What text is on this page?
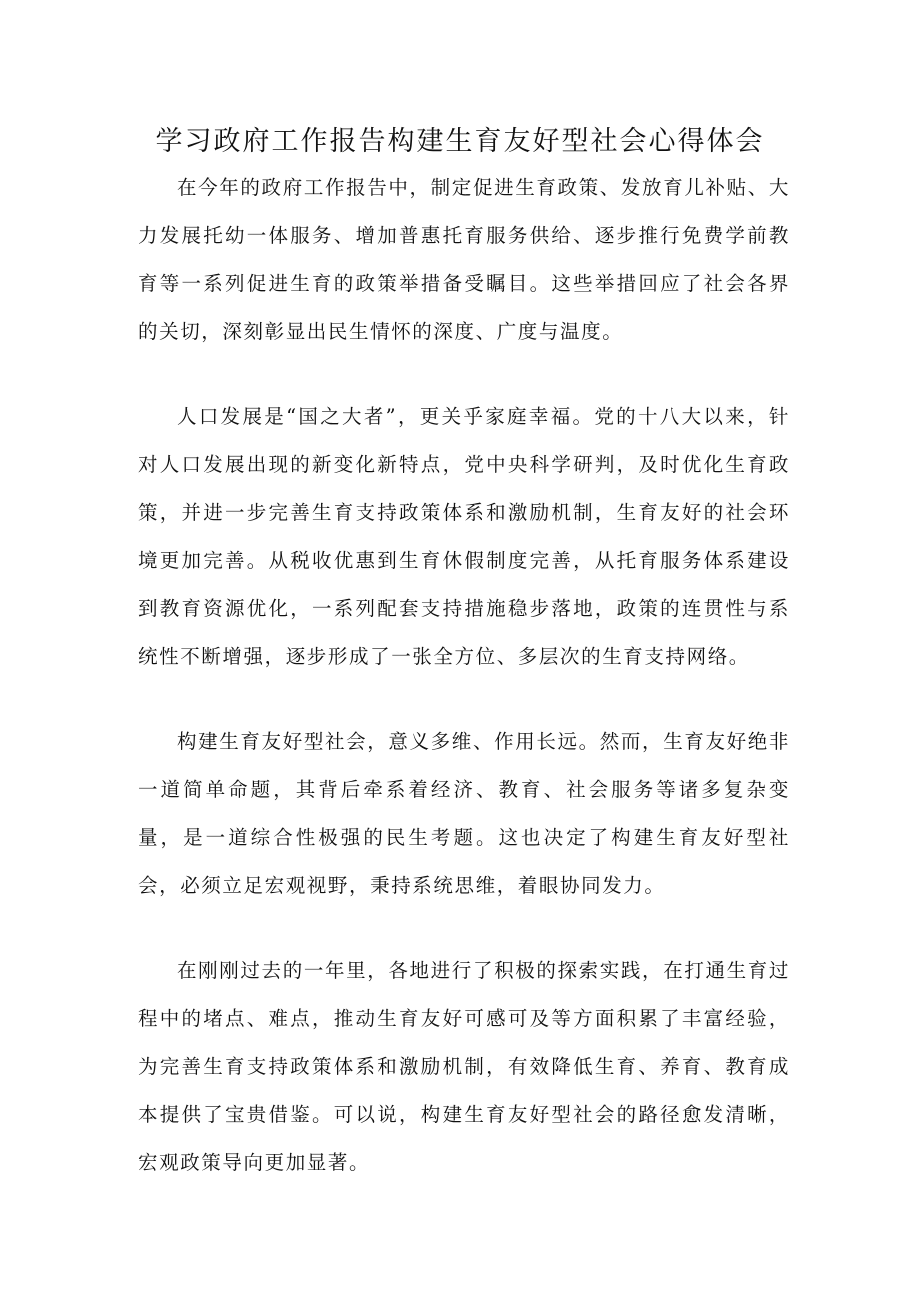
学习政府工作报告构建生育友好型社会心得体会

在今年的政府工作报告中，制定促进生育政策、发放育儿补贴、大力发展托幼一体服务、增加普惠托育服务供给、逐步推行免费学前教育等一系列促进生育的政策举措备受瞩目。这些举措回应了社会各界的关切，深刻彰显出民生情怀的深度、广度与温度。

人口发展是“国之大者”，更关乎家庭幸福。党的十八大以来，针对人口发展出现的新变化新特点，党中央科学研判，及时优化生育政策，并进一步完善生育支持政策体系和激励机制，生育友好的社会环境更加完善。从税收优惠到生育休假制度完善，从托育服务体系建设到教育资源优化，一系列配套支持措施稳步落地，政策的连贯性与系统性不断增强，逐步形成了一张全方位、多层次的生育支持网络。

构建生育友好型社会，意义多维、作用长远。然而，生育友好绝非一道简单命题，其背后牵系着经济、教育、社会服务等诸多复杂变量，是一道综合性极强的民生考题。这也决定了构建生育友好型社会，必须立足宏观视野，秉持系统思维，着眼协同发力。

在刚刚过去的一年里，各地进行了积极的探索实践，在打通生育过程中的堵点、难点，推动生育友好可感可及等方面积累了丰富经验，为完善生育支持政策体系和激励机制，有效降低生育、养育、教育成本提供了宝贵借鉴。可以说，构建生育友好型社会的路径愈发清晰，宏观政策导向更加显著。
